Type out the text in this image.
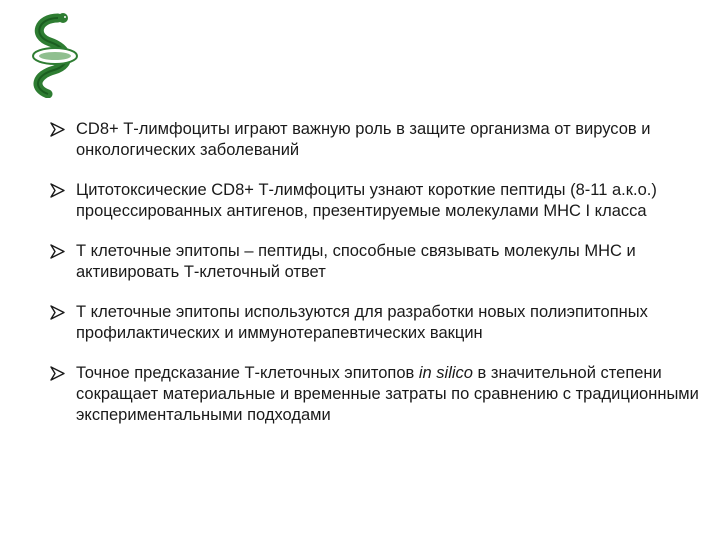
CD8+ Т-лимфоциты играют важную роль в защите организма от вирусов и онкологических заболеваний
Цитотоксические CD8+ Т-лимфоциты узнают короткие пептиды (8-11 а.к.о.) процессированных антигенов, презентируемые молекулами МНС I класса
Т клеточные эпитопы – пептиды, способные связывать молекулы МНС и активировать Т-клеточный ответ
Т клеточные эпитопы используются для разработки новых полиэпитопных профилактических и иммунотерапевтических вакцин
Точное предсказание Т-клеточных эпитопов in silico в значительной степени сокращает материальные и временные затраты по сравнению с традиционными экспериментальными подходами
